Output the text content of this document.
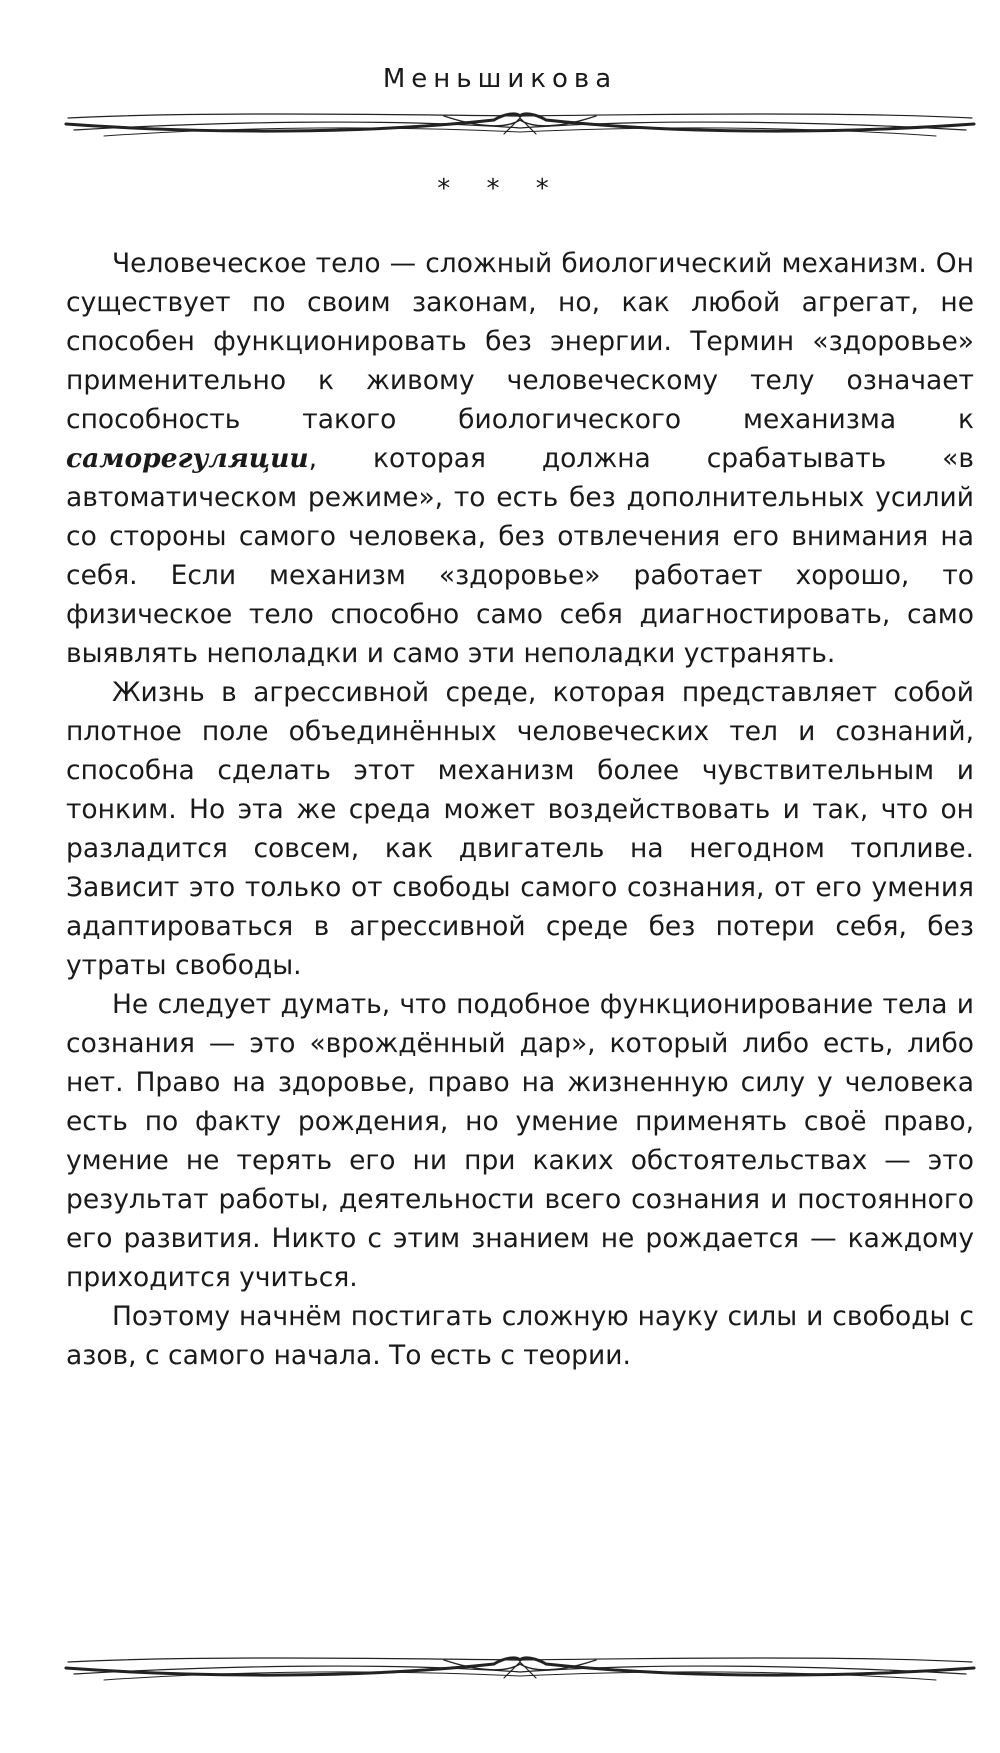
Меньшикова
* * *

Человеческое тело — сложный биологический механизм. Он существует по своим законам, но, как любой агрегат, не способен функционировать без энергии. Термин «здоровье» применительно к живому человеческому телу означает способность такого биологического механизма к саморегуляции, которая должна срабатывать «в автоматическом режиме», то есть без дополнительных усилий со стороны самого человека, без отвлечения его внимания на себя. Если механизм «здоровье» работает хорошо, то физическое тело способно само себя диагностировать, само выявлять неполадки и само эти неполадки устранять.

Жизнь в агрессивной среде, которая представляет собой плотное поле объединённых человеческих тел и сознаний, способна сделать этот механизм более чувствительным и тонким. Но эта же среда может воздействовать и так, что он разладится совсем, как двигатель на негодном топливе. Зависит это только от свободы самого сознания, от его умения адаптироваться в агрессивной среде без потери себя, без утраты свободы.

Не следует думать, что подобное функционирование тела и сознания — это «врождённый дар», который либо есть, либо нет. Право на здоровье, право на жизненную силу у человека есть по факту рождения, но умение применять своё право, умение не терять его ни при каких обстоятельствах — это результат работы, деятельности всего сознания и постоянного его развития. Никто с этим знанием не рождается — каждому приходится учиться.

Поэтому начнём постигать сложную науку силы и свободы с азов, с самого начала. То есть с теории.
